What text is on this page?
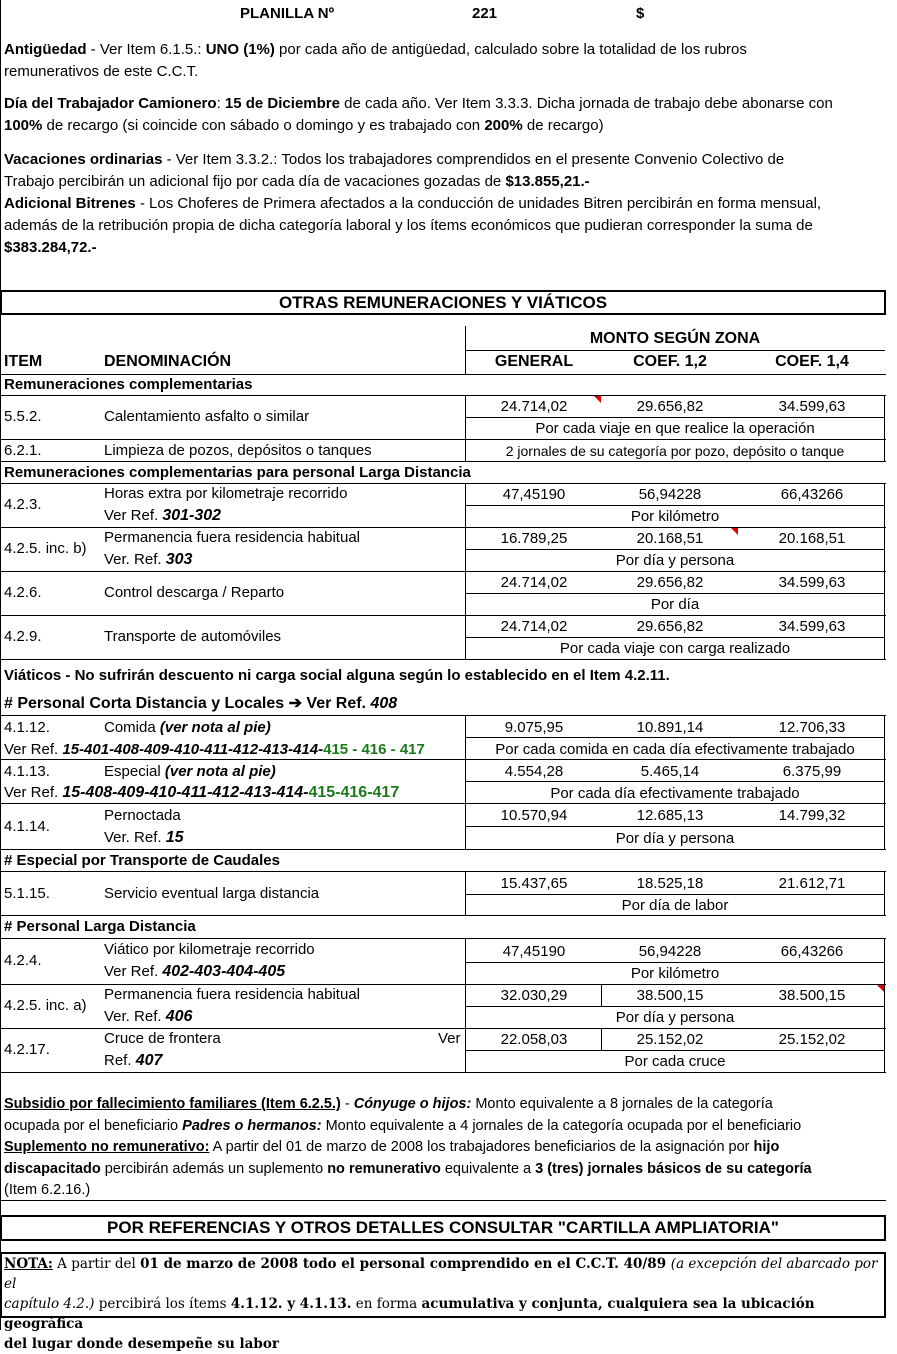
PLANILLA Nº	221	$
Antigüedad - Ver Item 6.1.5.: UNO (1%) por cada año de antigüedad, calculado sobre la totalidad de los rubros
remunerativos de este C.C.T.
Día del Trabajador Camionero: 15 de Diciembre de cada año. Ver Item 3.3.3. Dicha jornada de trabajo debe abonarse con
100% de recargo (si coincide con sábado o domingo y es trabajado con 200% de recargo)
Vacaciones ordinarias - Ver Item 3.3.2.: Todos los trabajadores comprendidos en el presente Convenio Colectivo de
Trabajo percibirán un adicional fijo por cada día de vacaciones gozadas de $13.855,21.-
Adicional Bitrenes - Los Choferes de Primera afectados a la conducción de unidades Bitren percibirán en forma mensual,
además de la retribución propia de dicha categoría laboral y los ítems económicos que pudieran corresponder la suma de
$383.284,72.-
OTRAS REMUNERACIONES Y VIÁTICOS
MONTO SEGÚN ZONA
ITEM	DENOMINACIÓN	GENERAL	COEF. 1,2	COEF. 1,4
Remuneraciones complementarias
5.5.2.	Calentamiento asfalto o similar
24.714,02	29.656,82	34.599,63
Por cada viaje en que realice la operación
6.2.1.	Limpieza de pozos, depósitos o tanques	2 jornales de su categoría por pozo, depósito o tanque
Remuneraciones complementarias para personal Larga Distancia
4.2.3.
Horas extra por kilometraje recorrido
Ver Ref. 301-302
47,45190	56,94228	66,43266
Por kilómetro
4.2.5. inc. b)
Permanencia fuera residencia habitual
Ver. Ref. 303
16.789,25	20.168,51	20.168,51
Por día y persona
4.2.6.	Control descarga / Reparto
24.714,02	29.656,82	34.599,63
Por día
4.2.9.	Transporte de automóviles
24.714,02	29.656,82	34.599,63
Por cada viaje con carga realizado
Viáticos - No sufrirán descuento ni carga social alguna según lo establecido en el Item 4.2.11.
# Personal Corta Distancia y Locales ➔ Ver Ref. 408
4.1.12.	Comida (ver nota al pie)
Ver Ref. 15-401-408-409-410-411-412-413-414-415 - 416 - 417
9.075,95	10.891,14	12.706,33
Por cada comida en cada día efectivamente trabajado
4.1.13.	Especial (ver nota al pie)
Ver Ref. 15-408-409-410-411-412-413-414-415-416-417
4.554,28	5.465,14	6.375,99
Por cada día efectivamente trabajado
4.1.14.
Pernoctada
Ver. Ref. 15
10.570,94	12.685,13	14.799,32
Por día y persona
# Especial por Transporte de Caudales
5.1.15.	Servicio eventual larga distancia
15.437,65	18.525,18	21.612,71
Por día de labor
# Personal Larga Distancia
4.2.4.
Viático por kilometraje recorrido
Ver Ref. 402-403-404-405
47,45190	56,94228	66,43266
Por kilómetro
4.2.5. inc. a)
Permanencia fuera residencia habitual
Ver. Ref. 406
32.030,29	38.500,15	38.500,15
Por día y persona
4.2.17.
Cruce de frontera	Ver
Ref. 407
22.058,03	25.152,02	25.152,02
Por cada cruce
Subsidio por fallecimiento familiares (Item 6.2.5.) - Cónyuge o hijos: Monto equivalente a 8 jornales de la categoría
ocupada por el beneficiario Padres o hermanos: Monto equivalente a 4 jornales de la categoría ocupada por el beneficiario
Suplemento no remunerativo: A partir del 01 de marzo de 2008 los trabajadores beneficiarios de la asignación por hijo
discapacitado percibirán además un suplemento no remunerativo equivalente a 3 (tres) jornales básicos de su categoría
(Item 6.2.16.)
POR REFERENCIAS Y OTROS DETALLES CONSULTAR "CARTILLA AMPLIATORIA"
NOTA: A partir del 01 de marzo de 2008 todo el personal comprendido en el C.C.T. 40/89 (a excepción del abarcado por el
capítulo 4.2.) percibirá los ítems 4.1.12. y 4.1.13. en forma acumulativa y conjunta, cualquiera sea la ubicación geográfica
del lugar donde desempeñe su labor
